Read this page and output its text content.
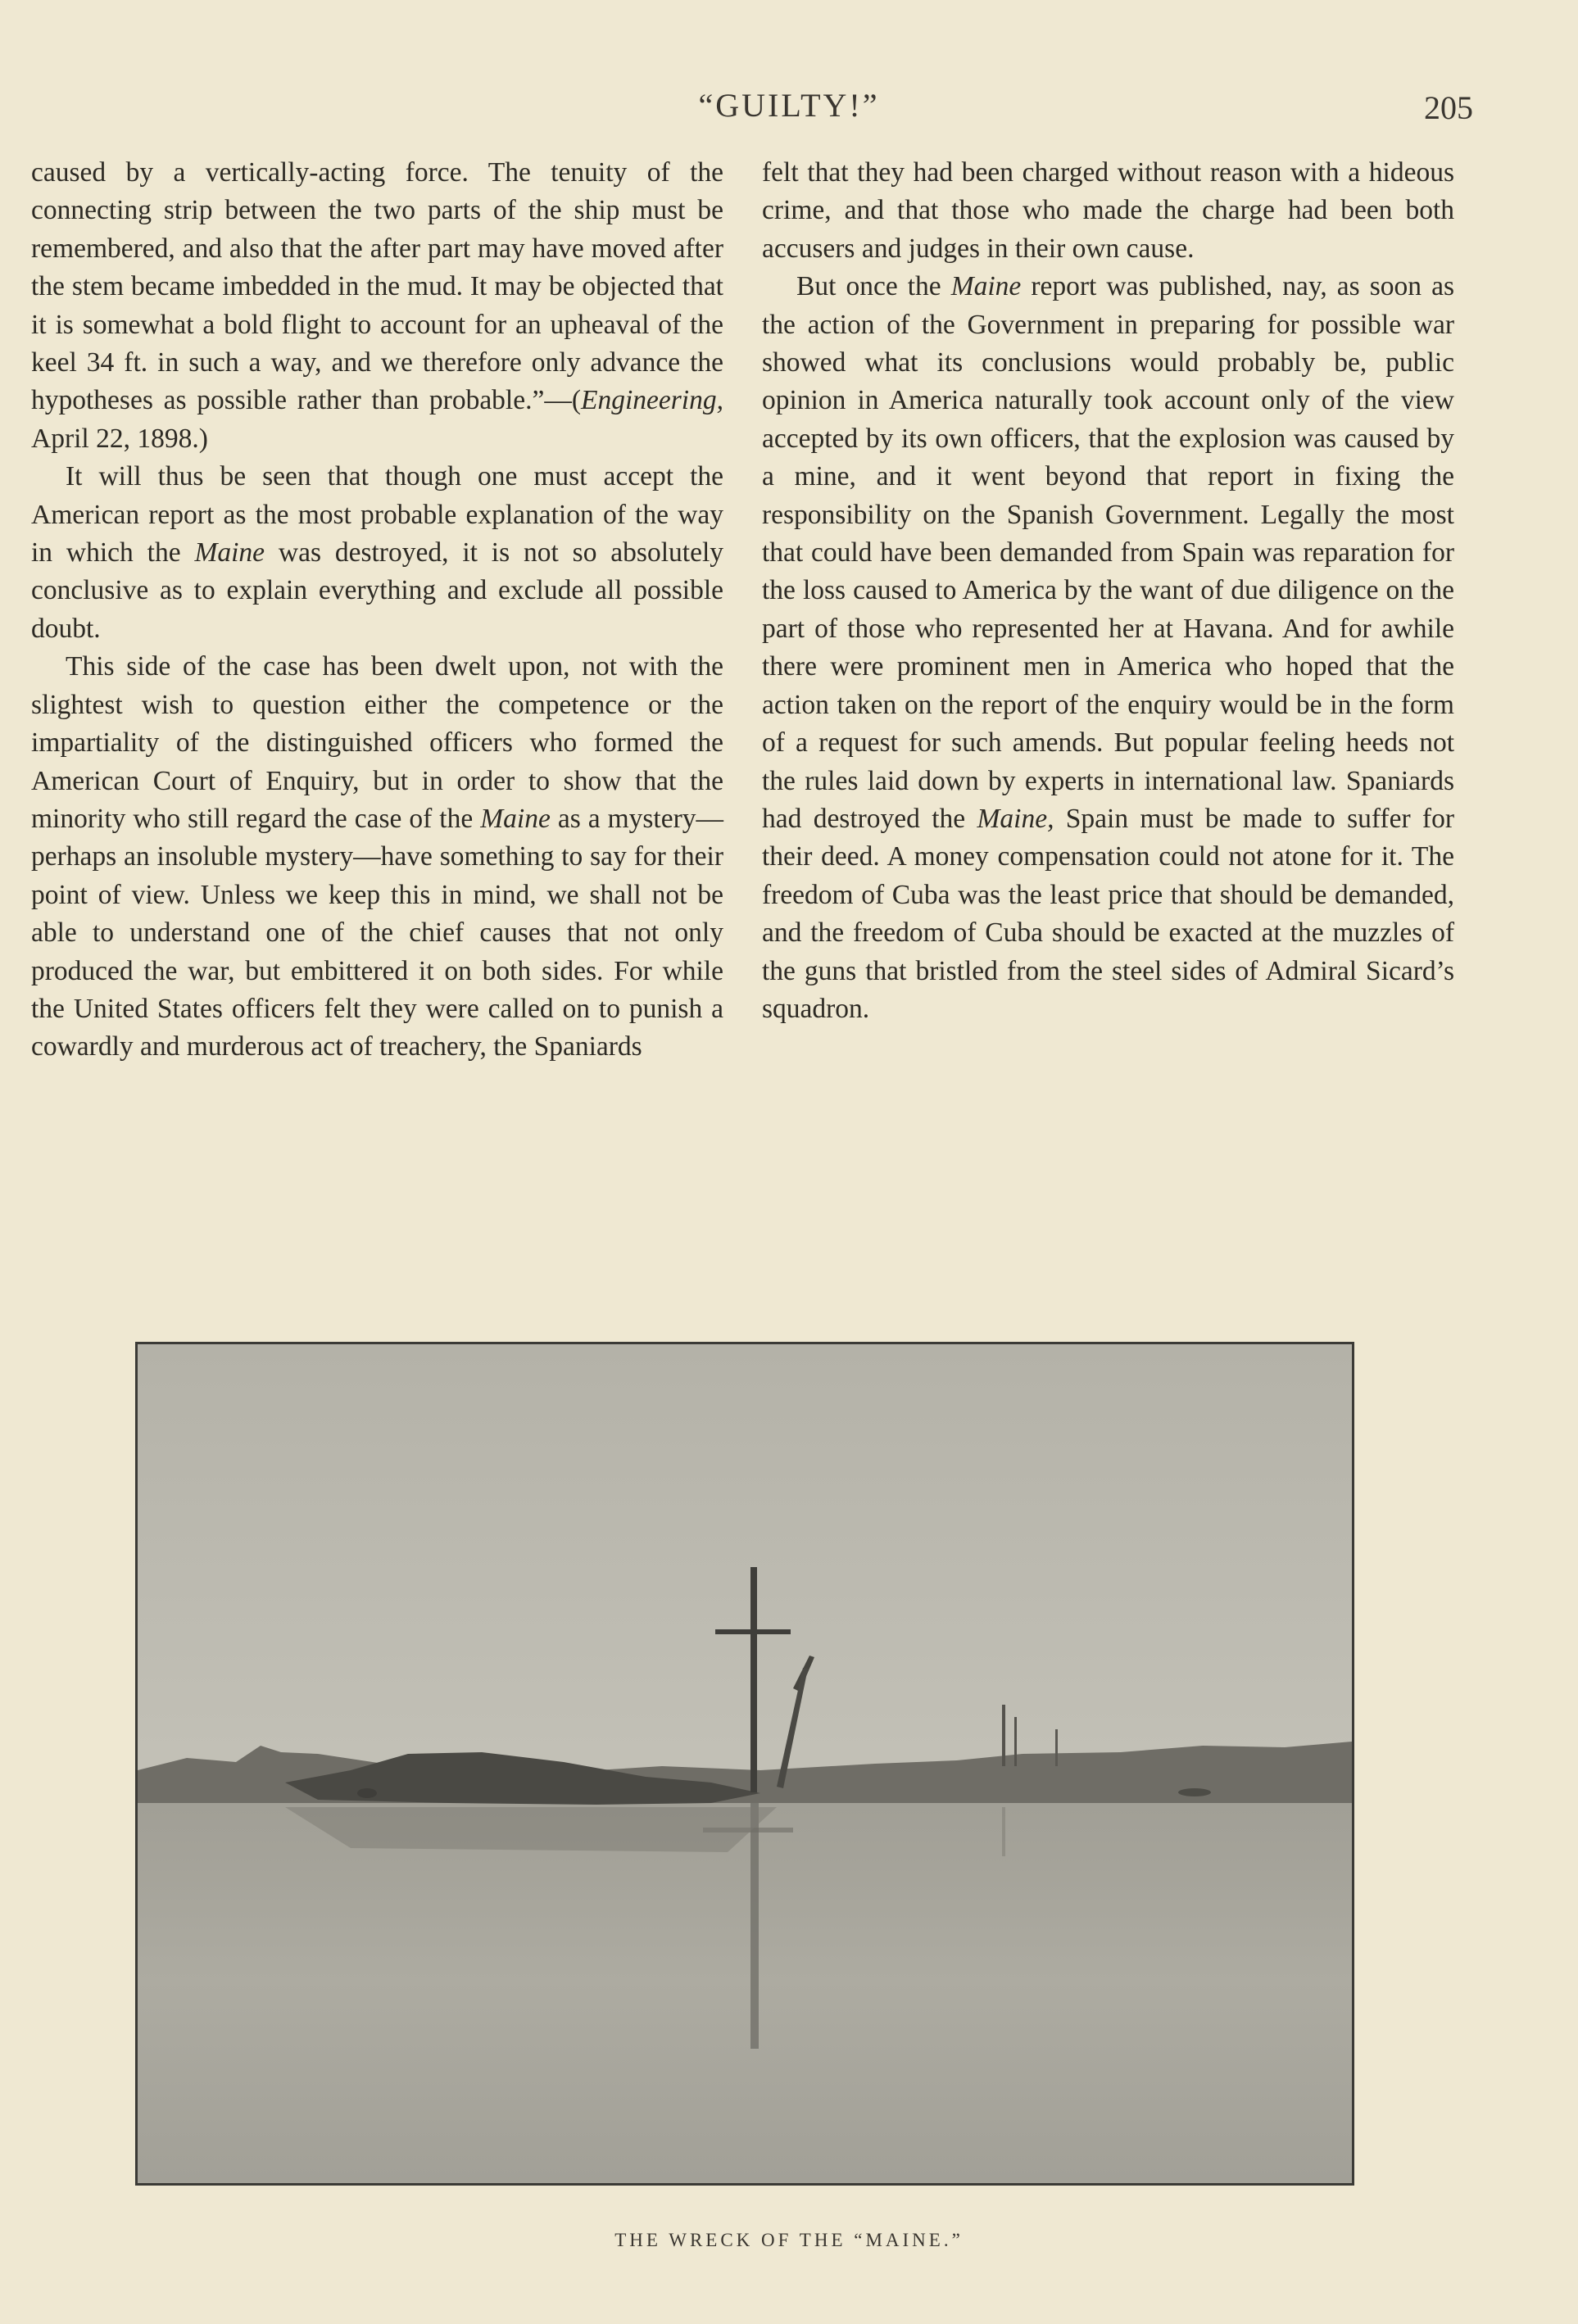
“GUILTY!”	205

caused by a vertically-acting force. The tenuity of the connecting strip between the two parts of the ship must be remembered, and also that the after part may have moved after the stem became imbedded in the mud. It may be objected that it is somewhat a bold flight to account for an upheaval of the keel 34 ft. in such a way, and we therefore only advance the hypotheses as possible rather than probable.”—(Engineering, April 22, 1898.)

It will thus be seen that though one must accept the American report as the most probable explanation of the way in which the Maine was destroyed, it is not so absolutely conclusive as to explain everything and exclude all possible doubt.

This side of the case has been dwelt upon, not with the slightest wish to question either the competence or the impartiality of the distinguished officers who formed the American Court of Enquiry, but in order to show that the minority who still regard the case of the Maine as a mystery—perhaps an insoluble mystery—have something to say for their point of view. Unless we keep this in mind, we shall not be able to understand one of the chief causes that not only produced the war, but embittered it on both sides. For while the United States officers felt they were called on to punish a cowardly and murderous act of treachery, the Spaniards

felt that they had been charged without reason with a hideous crime, and that those who made the charge had been both accusers and judges in their own cause.

But once the Maine report was published, nay, as soon as the action of the Government in preparing for possible war showed what its conclusions would probably be, public opinion in America naturally took account only of the view accepted by its own officers, that the explosion was caused by a mine, and it went beyond that report in fixing the responsibility on the Spanish Government. Legally the most that could have been demanded from Spain was reparation for the loss caused to America by the want of due diligence on the part of those who represented her at Havana. And for awhile there were prominent men in America who hoped that the action taken on the report of the enquiry would be in the form of a request for such amends. But popular feeling heeds not the rules laid down by experts in international law. Spaniards had destroyed the Maine, Spain must be made to suffer for their deed. A money compensation could not atone for it. The freedom of Cuba was the least price that should be demanded, and the freedom of Cuba should be exacted at the muzzles of the guns that bristled from the steel sides of Admiral Sicard’s squadron.

THE WRECK OF THE “MAINE.”
